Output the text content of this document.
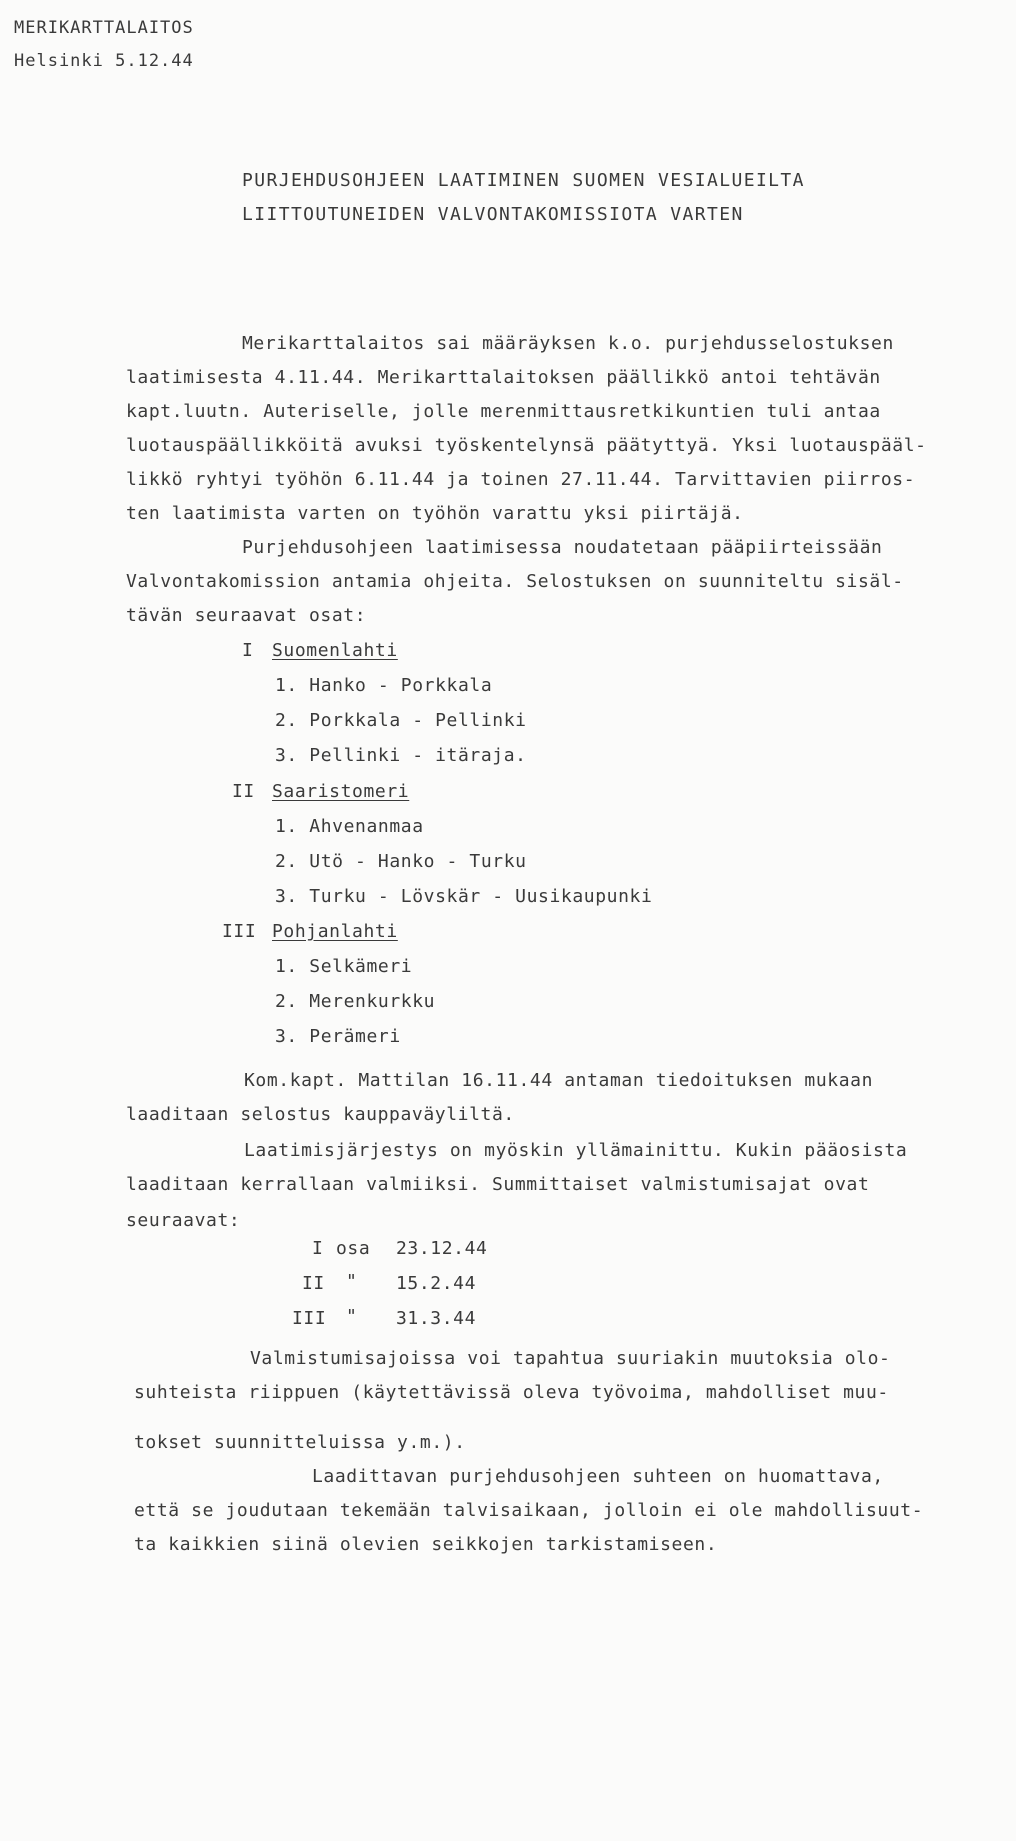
MERIKARTTALAITOS
Helsinki 5.12.44
PURJEHDUSOHJEEN LAATIMINEN SUOMEN VESIALUEILTA
LIITTOUTUNEIDEN VALVONTAKOMISSIOTA VARTEN
Merikarttalaitos sai määräyksen k.o. purjehdusselostuksen
laatimisesta 4.11.44. Merikarttalaitoksen päällikkö antoi tehtävän
kapt.luutn. Auteriselle, jolle merenmittausretkikuntien tuli antaa
luotauspäällikköitä avuksi työskentelynsä päätyttyä. Yksi luotauspääl-
likkö ryhtyi työhön 6.11.44 ja toinen 27.11.44. Tarvittavien piirros-
ten laatimista varten on työhön varattu yksi piirtäjä.
Purjehdusohjeen laatimisessa noudatetaan pääpiirteissään
Valvontakomission antamia ohjeita. Selostuksen on suunniteltu sisäl-
tävän seuraavat osat:
I Suomenlahti
1. Hanko - Porkkala
2. Porkkala - Pellinki
3. Pellinki - itäraja.
II Saaristomeri
1. Ahvenanmaa
2. Utö - Hanko - Turku
3. Turku - Lövskär - Uusikaupunki
III Pohjanlahti
1. Selkämeri
2. Merenkurkku
3. Perämeri
Kom.kapt. Mattilan 16.11.44 antaman tiedoituksen mukaan
laaditaan selostus kauppaväyliltä.
Laatimisjärjestys on myöskin yllämainittu. Kukin pääosista
laaditaan kerrallaan valmiiksi. Summittaiset valmistumisajat ovat
seuraavat:
I osa 23.12.44
II " 15.2.44
III " 31.3.44
Valmistumisajoissa voi tapahtua suuriakin muutoksia olo-
suhteista riippuen (käytettävissä oleva työvoima, mahdolliset muu-
tokset suunnitteluissa y.m.).
Laadittavan purjehdusohjeen suhteen on huomattava,
että se joudutaan tekemään talvisaikaan, jolloin ei ole mahdollisuut-
ta kaikkien siinä olevien seikkojen tarkistamiseen.
